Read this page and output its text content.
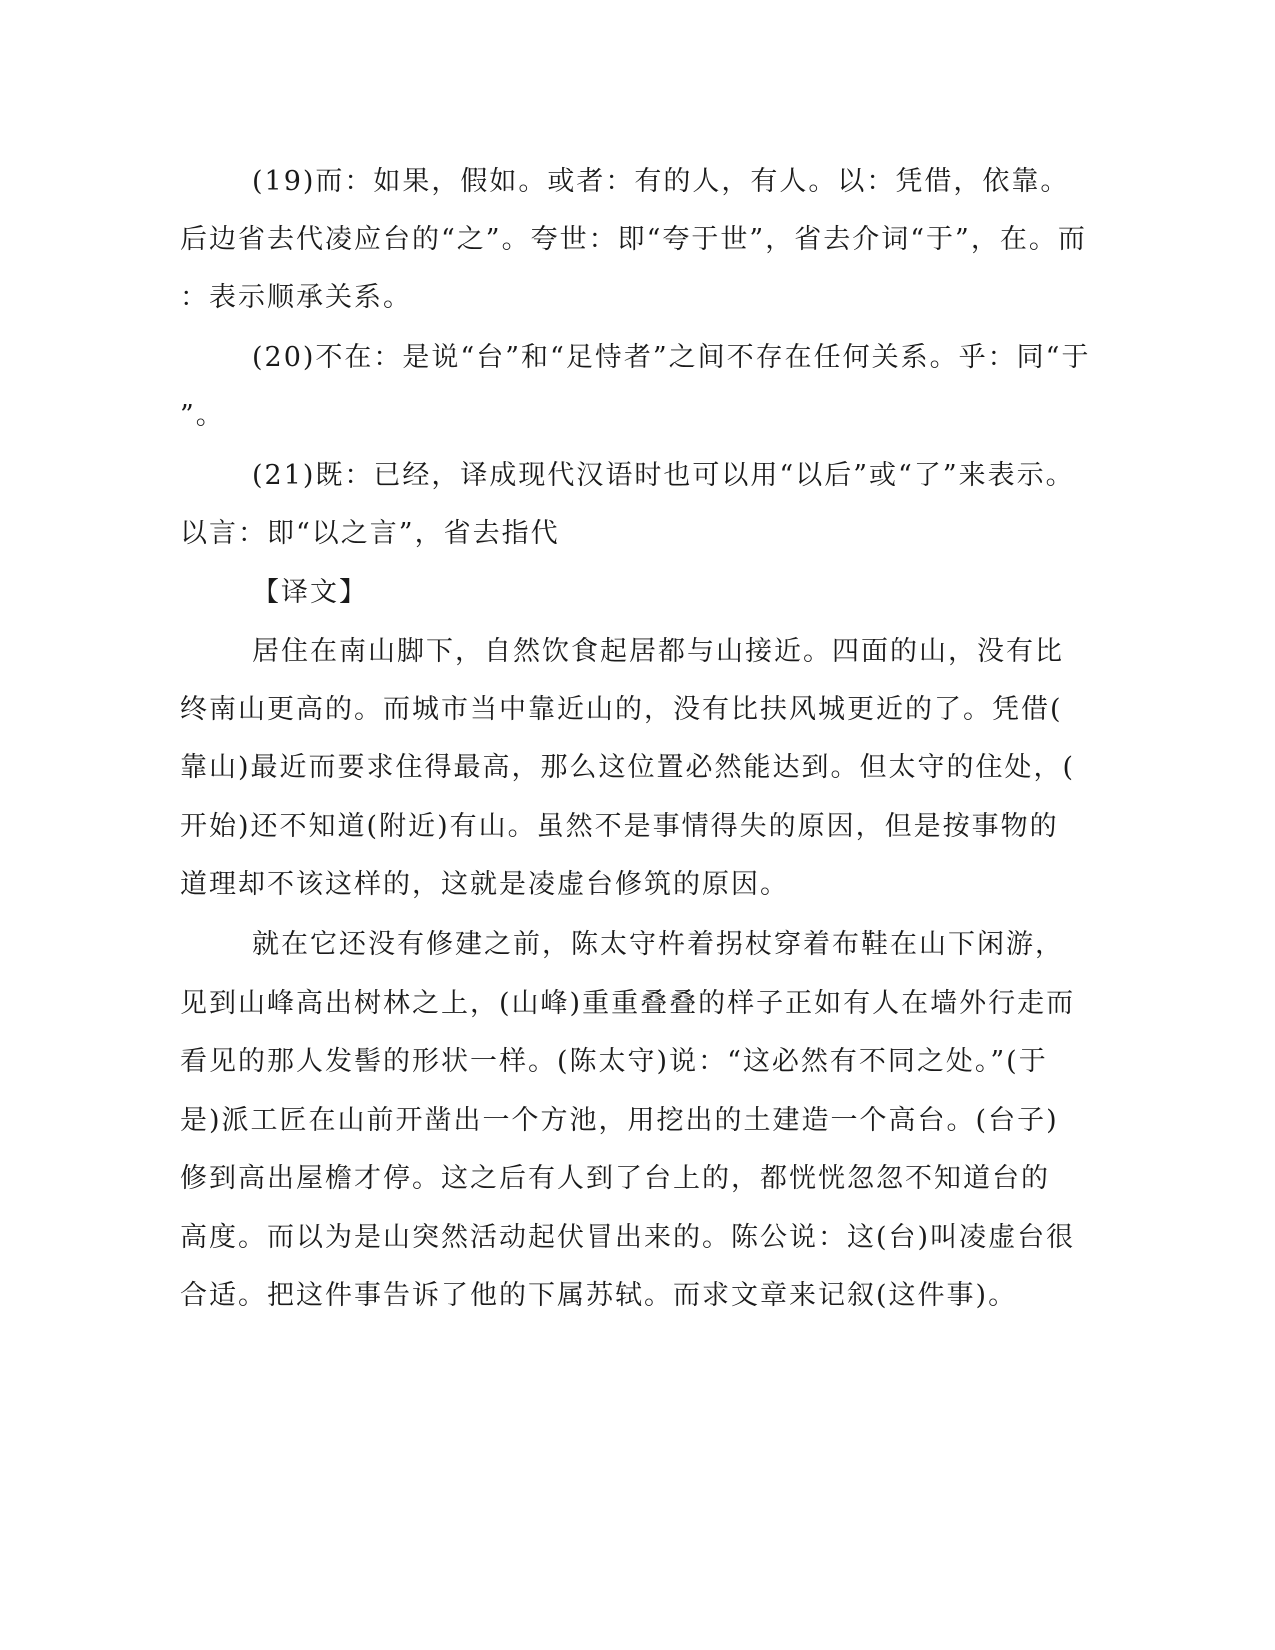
(19)而：如果，假如。或者：有的人，有人。以：凭借，依靠。

后边省去代凌应台的“之”。夸世：即“夸于世”，省去介词“于”，在。而

：表示顺承关系。

(20)不在：是说“台”和“足恃者”之间不存在任何关系。乎：同“于

”。

(21)既：已经，译成现代汉语时也可以用“以后”或“了”来表示。

以言：即“以之言”，省去指代

【译文】

居住在南山脚下，自然饮食起居都与山接近。四面的山，没有比

终南山更高的。而城市当中靠近山的，没有比扶风城更近的了。凭借(

靠山)最近而要求住得最高，那么这位置必然能达到。但太守的住处，(

开始)还不知道(附近)有山。虽然不是事情得失的原因，但是按事物的

道理却不该这样的，这就是凌虚台修筑的原因。

就在它还没有修建之前，陈太守杵着拐杖穿着布鞋在山下闲游，

见到山峰高出树林之上，(山峰)重重叠叠的样子正如有人在墙外行走而

看见的那人发髻的形状一样。(陈太守)说：“这必然有不同之处。”(于

是)派工匠在山前开凿出一个方池，用挖出的土建造一个高台。(台子)

修到高出屋檐才停。这之后有人到了台上的，都恍恍忽忽不知道台的

高度。而以为是山突然活动起伏冒出来的。陈公说：这(台)叫凌虚台很

合适。把这件事告诉了他的下属苏轼。而求文章来记叙(这件事)。
